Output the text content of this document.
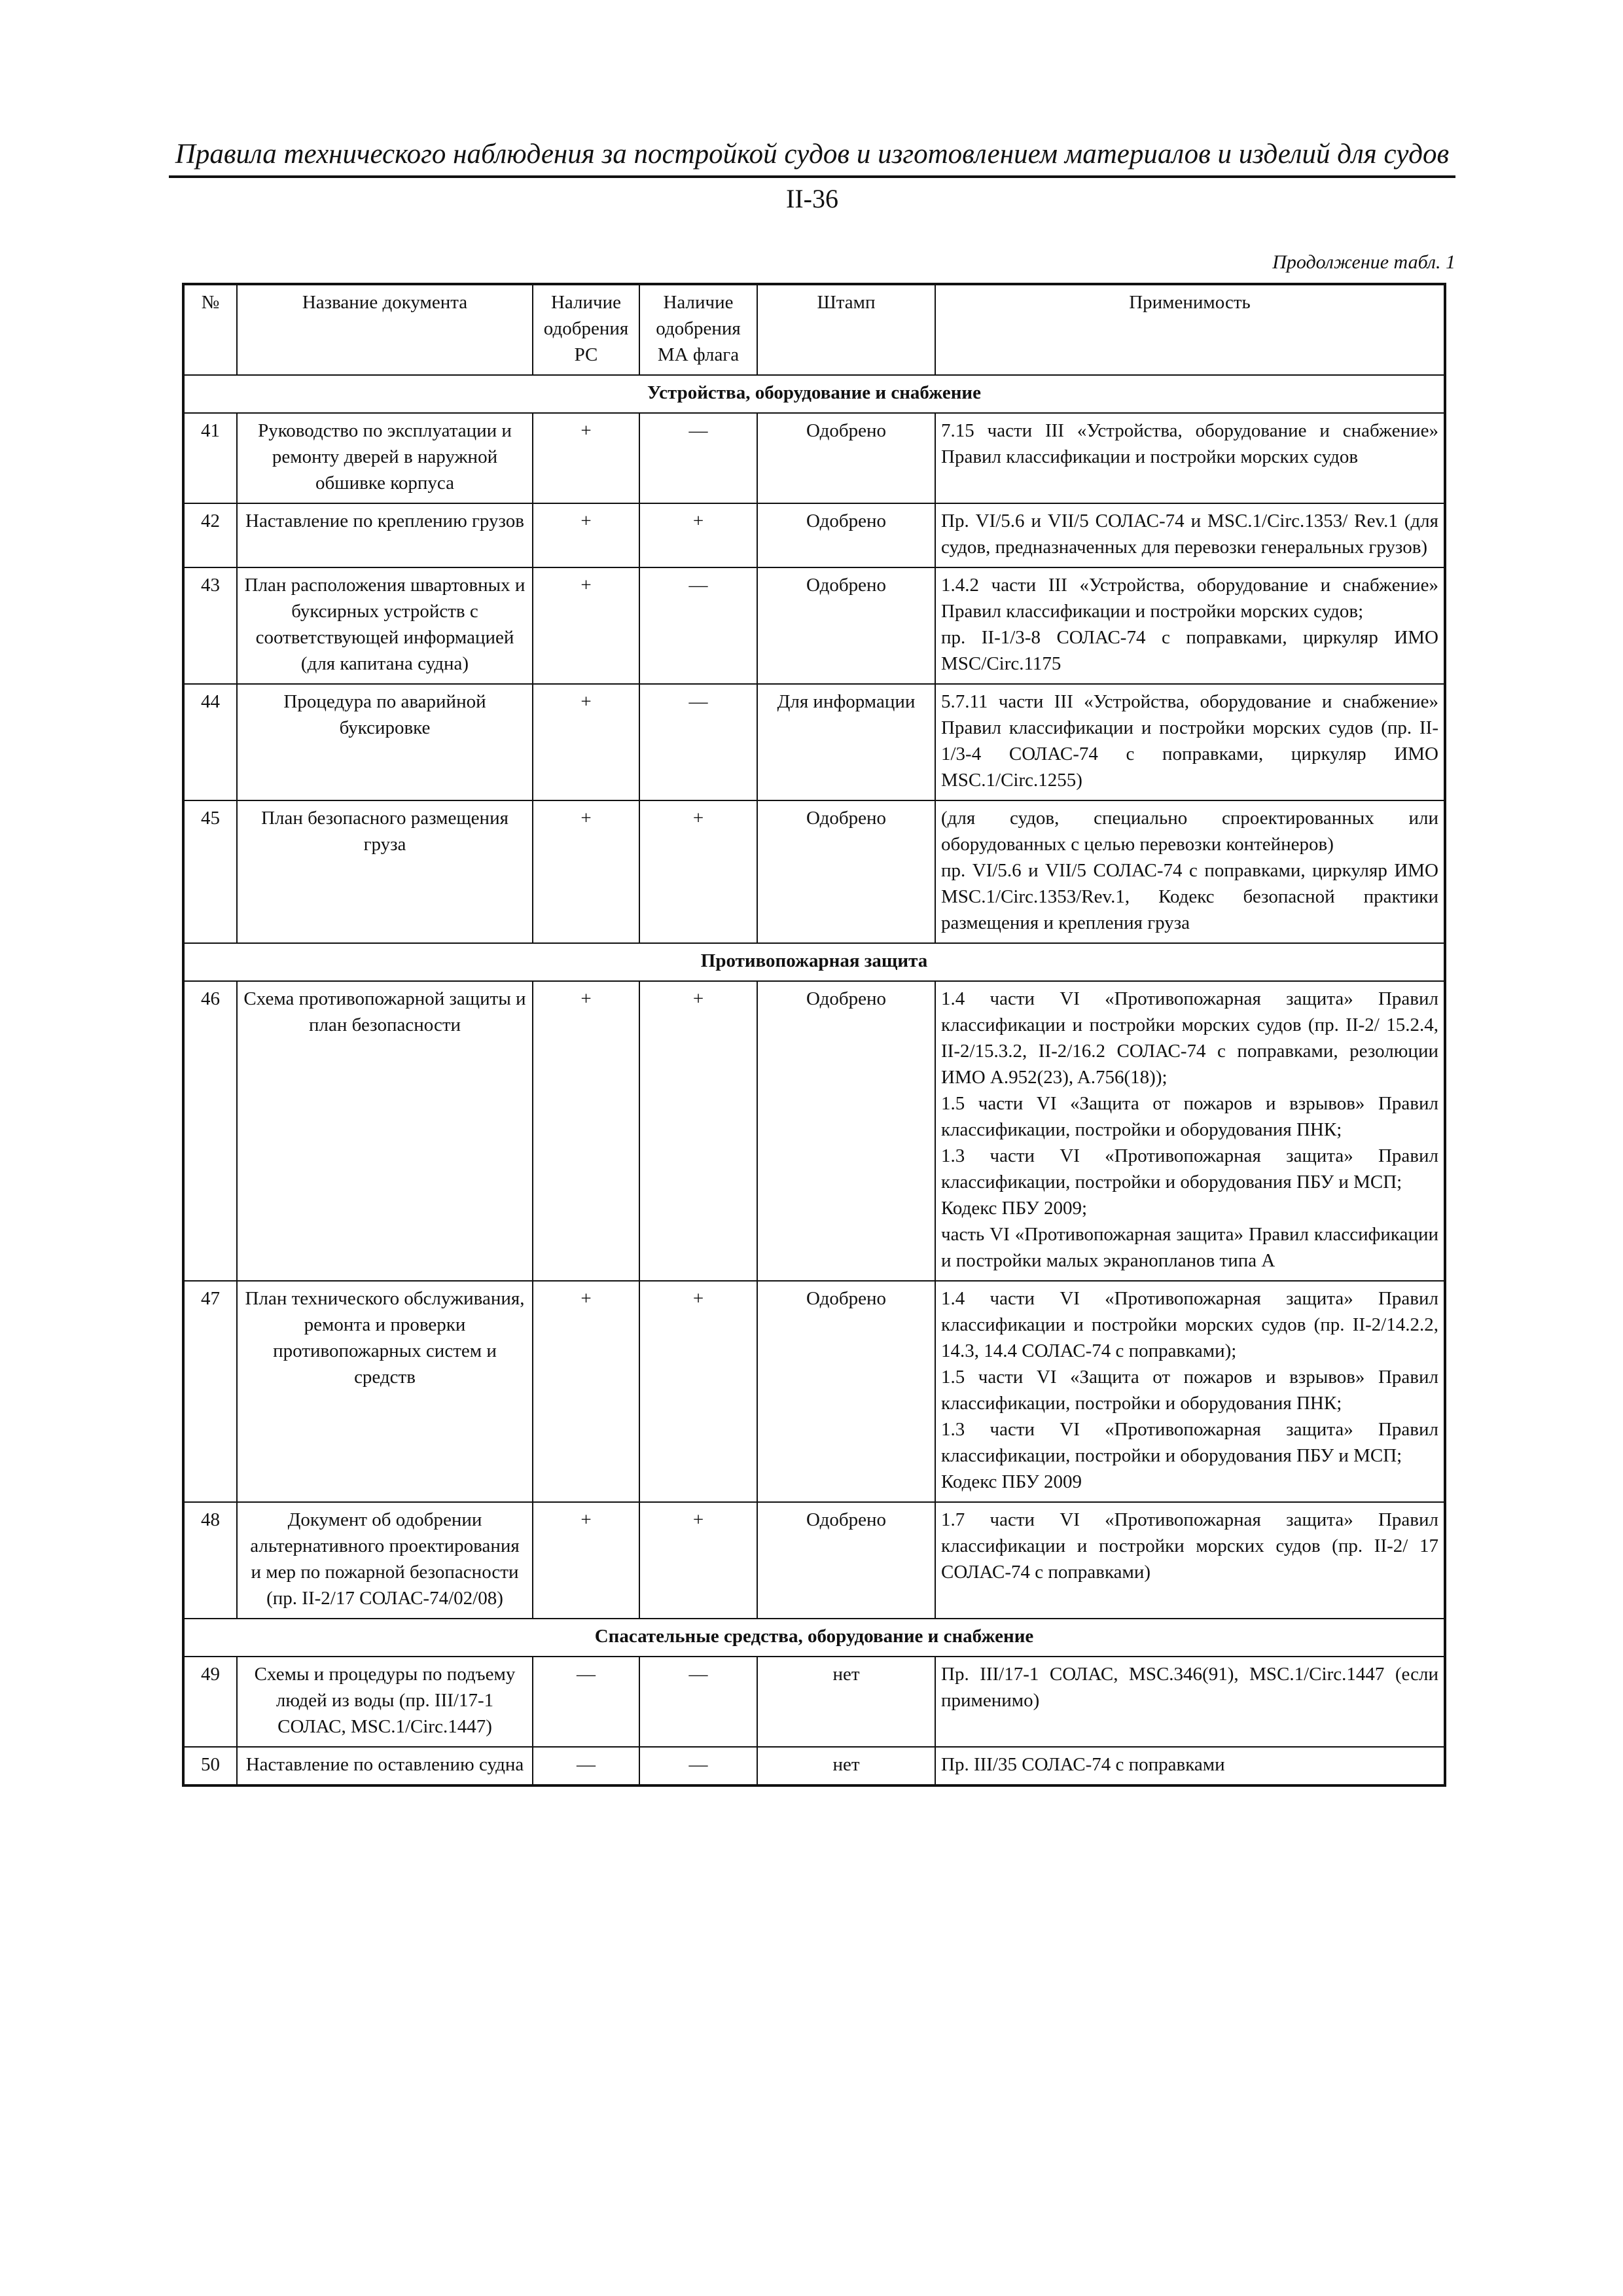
Правила технического наблюдения за постройкой судов и изготовлением материалов и изделий для судов
II-36
Продолжение табл. 1
№	Название документа	Наличие одобрения РС	Наличие одобрения МА флага	Штамп	Применимость
Устройства, оборудование и снабжение					
41	Руководство по эксплуатации и ремонту дверей в наружной обшивке корпуса	+	—	Одобрено	7.15 части III «Устройства, оборудование и снабжение» Правил классификации и постройки морских судов

42	Наставление по креплению грузов	+	+	Одобрено	Пр. VI/5.6 и VII/5 СОЛАС-74 и MSC.1/Circ.1353/ Rev.1 (для судов, предназначенных для перевозки генеральных грузов)

43	План расположения швартовных и буксирных устройств с соответствующей информацией (для капитана судна)	+	—	Одобрено	1.4.2 части III «Устройства, оборудование и снабжение» Правил классификации и постройки морских судов;
пр. II-1/3-8 СОЛАС-74 с поправками, циркуляр ИМО MSC/Circ.1175

44	Процедура по аварийной буксировке	+	—	Для информации	5.7.11 части III «Устройства, оборудование и снабжение» Правил классификации и постройки морских судов (пр. II-1/3-4 СОЛАС-74 с поправками, циркуляр ИМО MSC.1/Circ.1255)

45	План безопасного размещения груза	+	+	Одобрено	(для судов, специально спроектированных или оборудованных с целью перевозки контейнеров)
пр. VI/5.6 и VII/5 СОЛАС-74 с поправками, циркуляр ИМО MSC.1/Circ.1353/Rev.1, Кодекс безопасной практики размещения и крепления груза

Противопожарная защита					
46	Схема противопожарной защиты и план безопасности	+	+	Одобрено	1.4 части VI «Противопожарная защита» Правил классификации и постройки морских судов (пр. II-2/ 15.2.4, II-2/15.3.2, II-2/16.2 СОЛАС-74 с поправками, резолюции ИМО A.952(23), A.756(18));
1.5 части VI «Защита от пожаров и взрывов» Правил классификации, постройки и оборудования ПНК;
1.3 части VI «Противопожарная защита» Правил классификации, постройки и оборудования ПБУ и МСП;
Кодекс ПБУ 2009;
часть VI «Противопожарная защита» Правил классификации и постройки малых экранопланов типа А

47	План технического обслуживания, ремонта и проверки противопожарных систем и средств	+	+	Одобрено	1.4 части VI «Противопожарная защита» Правил классификации и постройки морских судов (пр. II-2/14.2.2, 14.3, 14.4 СОЛАС-74 с поправками);
1.5 части VI «Защита от пожаров и взрывов» Правил классификации, постройки и оборудования ПНК;
1.3 части VI «Противопожарная защита» Правил классификации, постройки и оборудования ПБУ и МСП;
Кодекс ПБУ 2009

48	Документ об одобрении альтернативного проектирования и мер по пожарной безопасности (пр. II-2/17 СОЛАС-74/02/08)	+	+	Одобрено	1.7 части VI «Противопожарная защита» Правил классификации и постройки морских судов (пр. II-2/ 17 СОЛАС-74 с поправками)

Спасательные средства, оборудование и снабжение					
49	Схемы и процедуры по подъему людей из воды (пр. III/17-1 СОЛАС, MSC.1/Circ.1447)	—	—	нет	Пр. III/17-1 СОЛАС, MSC.346(91), MSC.1/Circ.1447 (если применимо)

50	Наставление по оставлению судна	—	—	нет	Пр. III/35 СОЛАС-74 с поправками
